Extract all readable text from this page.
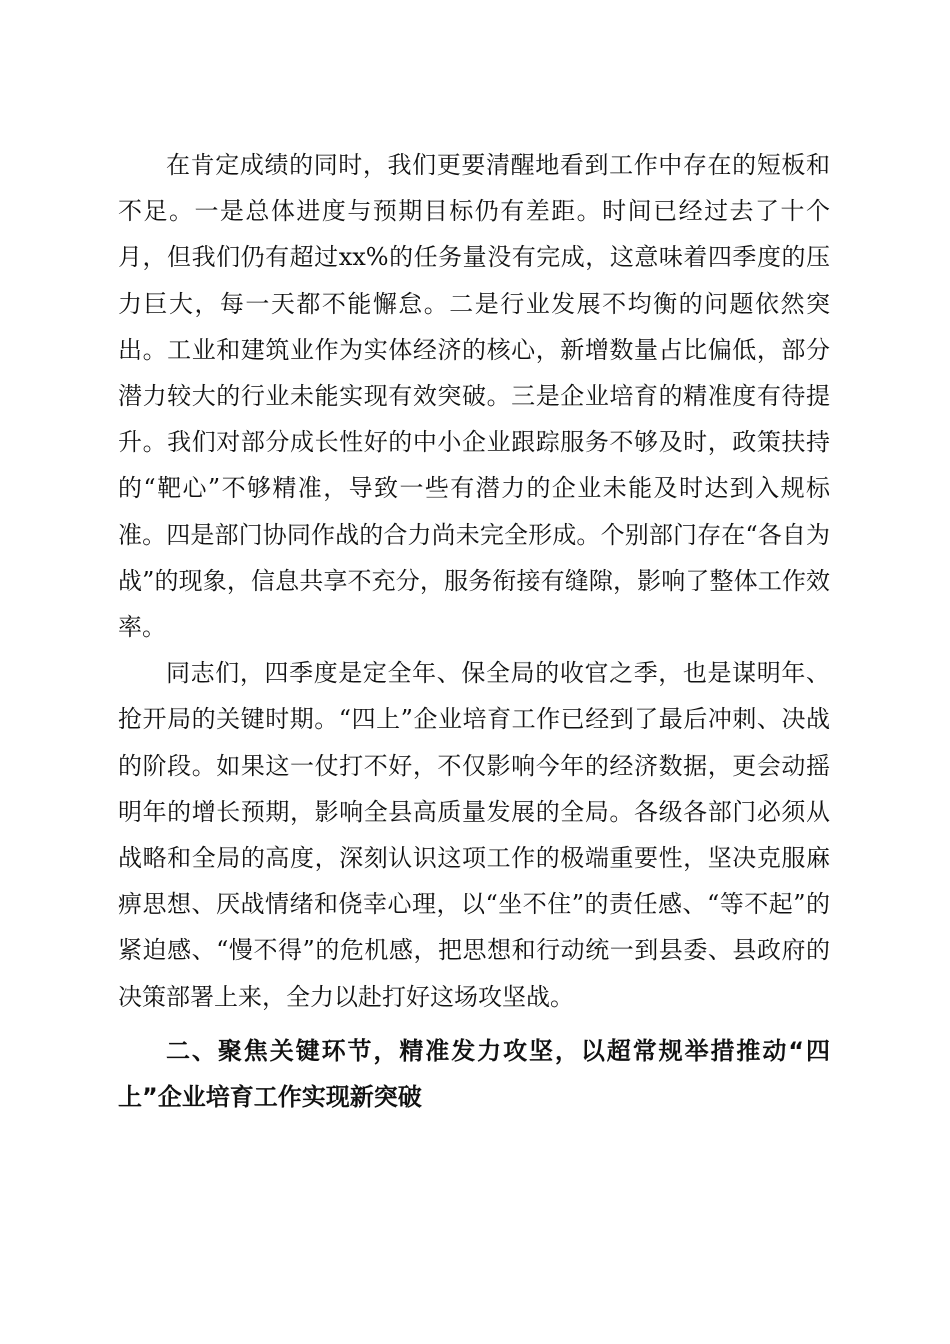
在肯定成绩的同时，我们更要清醒地看到工作中存在的短板和不足。一是总体进度与预期目标仍有差距。时间已经过去了十个月，但我们仍有超过xx%的任务量没有完成，这意味着四季度的压力巨大，每一天都不能懈怠。二是行业发展不均衡的问题依然突出。工业和建筑业作为实体经济的核心，新增数量占比偏低，部分潜力较大的行业未能实现有效突破。三是企业培育的精准度有待提升。我们对部分成长性好的中小企业跟踪服务不够及时，政策扶持的“靶心”不够精准，导致一些有潜力的企业未能及时达到入规标准。四是部门协同作战的合力尚未完全形成。个别部门存在“各自为战”的现象，信息共享不充分，服务衔接有缝隙，影响了整体工作效率。

同志们，四季度是定全年、保全局的收官之季，也是谋明年、抢开局的关键时期。“四上”企业培育工作已经到了最后冲刺、决战的阶段。如果这一仗打不好，不仅影响今年的经济数据，更会动摇明年的增长预期，影响全县高质量发展的全局。各级各部门必须从战略和全局的高度，深刻认识这项工作的极端重要性，坚决克服麻痹思想、厌战情绪和侥幸心理，以“坐不住”的责任感、“等不起”的紧迫感、“慢不得”的危机感，把思想和行动统一到县委、县政府的决策部署上来，全力以赴打好这场攻坚战。

二、聚焦关键环节，精准发力攻坚，以超常规举措推动“四上”企业培育工作实现新突破
